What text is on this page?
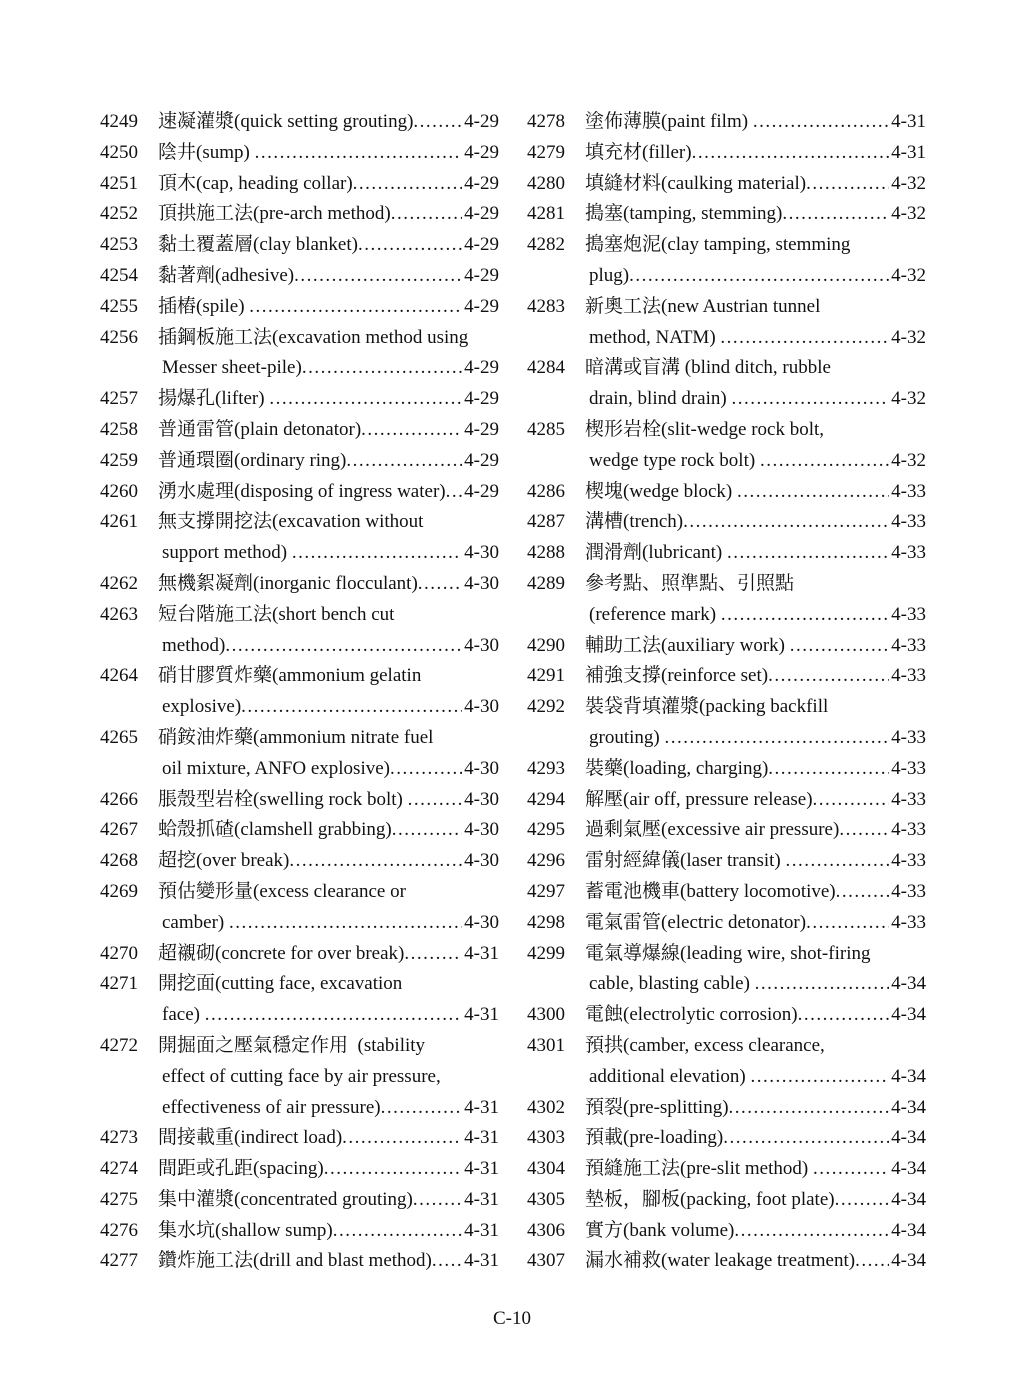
4249 速凝灌漿(quick setting grouting) .....	4-29
4250 陰井(sump) .....	4-29
4251 頂木(cap, heading collar) .....	4-29
4252 頂拱施工法(pre-arch method) .....	4-29
4253 黏土覆蓋層(clay blanket) .....	4-29
4254 黏著劑(adhesive) .....	4-29
4255 插樁(spile) .....	4-29
4256 插鋼板施工法(excavation method using
Messer sheet-pile) .....	4-29
4257 揚爆孔(lifter) .....	4-29
4258 普通雷管(plain detonator) .....	4-29
4259 普通環圈(ordinary ring) .....	4-29
4260 湧水處理(disposing of ingress water) ..... 4-29
4261 無支撐開挖法(excavation without
support method) .....	4-30
4262 無機絮凝劑(inorganic flocculant) ..... 4-30
4263 短台階施工法(short bench cut
method) .....	4-30
4264 硝甘膠質炸藥(ammonium gelatin
explosive) .....	4-30
4265 硝銨油炸藥(ammonium nitrate fuel
oil mixture, ANFO explosive) .....	4-30
4266 脹殼型岩栓(swelling rock bolt) .....	4-30
4267 蛤殼抓碴(clamshell grabbing) .....	4-30
4268 超挖(over break) .....	4-30
4269 預估變形量(excess clearance or
camber) .....	4-30
4270 超襯砌(concrete for over break) .....	4-31
4271 開挖面(cutting face, excavation
face) .....	4-31
4272 開掘面之壓氣穩定作用  (stability
effect of cutting face by air pressure,
effectiveness of air pressure) .....	4-31
4273 間接載重(indirect load) .....	4-31
4274 間距或孔距(spacing) .....	4-31
4275 集中灌漿(concentrated grouting) .....	4-31
4276 集水坑(shallow sump) .....	4-31
4277 鑽炸施工法(drill and blast method) ..... 4-31
4278 塗佈薄膜(paint film) .....	4-31
4279 填充材(filler) .....	4-31
4280 填縫材料(caulking material) .....	4-32
4281 搗塞(tamping, stemming) .....	4-32
4282 搗塞炮泥(clay tamping, stemming
plug) .....	4-32
4283 新奧工法(new Austrian tunnel
method, NATM) .....	4-32
4284 暗溝或盲溝 (blind ditch, rubble
drain, blind drain) .....	4-32
4285 楔形岩栓(slit-wedge rock bolt,
wedge type rock bolt) .....	4-32
4286 楔塊(wedge block) .....	4-33
4287 溝槽(trench) .....	4-33
4288 潤滑劑(lubricant) .....	4-33
4289 參考點、照準點、引照點
(reference mark) .....	4-33
4290 輔助工法(auxiliary work) .....	4-33
4291 補強支撐(reinforce set) .....	4-33
4292 裝袋背填灌漿(packing backfill
grouting) .....	4-33
4293 裝藥(loading, charging) .....	4-33
4294 解壓(air off, pressure release) .....	4-33
4295 過剩氣壓(excessive air pressure) .....	4-33
4296 雷射經緯儀(laser transit) .....	4-33
4297 蓄電池機車(battery locomotive) .....	4-33
4298 電氣雷管(electric detonator) .....	4-33
4299 電氣導爆線(leading wire, shot-firing
cable, blasting cable) .....	4-34
4300 電蝕(electrolytic corrosion) .....	4-34
4301 預拱(camber, excess clearance,
additional elevation) .....	4-34
4302 預裂(pre-splitting) .....	4-34
4303 預載(pre-loading) .....	4-34
4304 預縫施工法(pre-slit method) .....	4-34
4305 墊板，腳板(packing, foot plate) .....	4-34
4306 實方(bank volume) .....	4-34
4307 漏水補救(water leakage treatment) ..... 4-34
C-10
